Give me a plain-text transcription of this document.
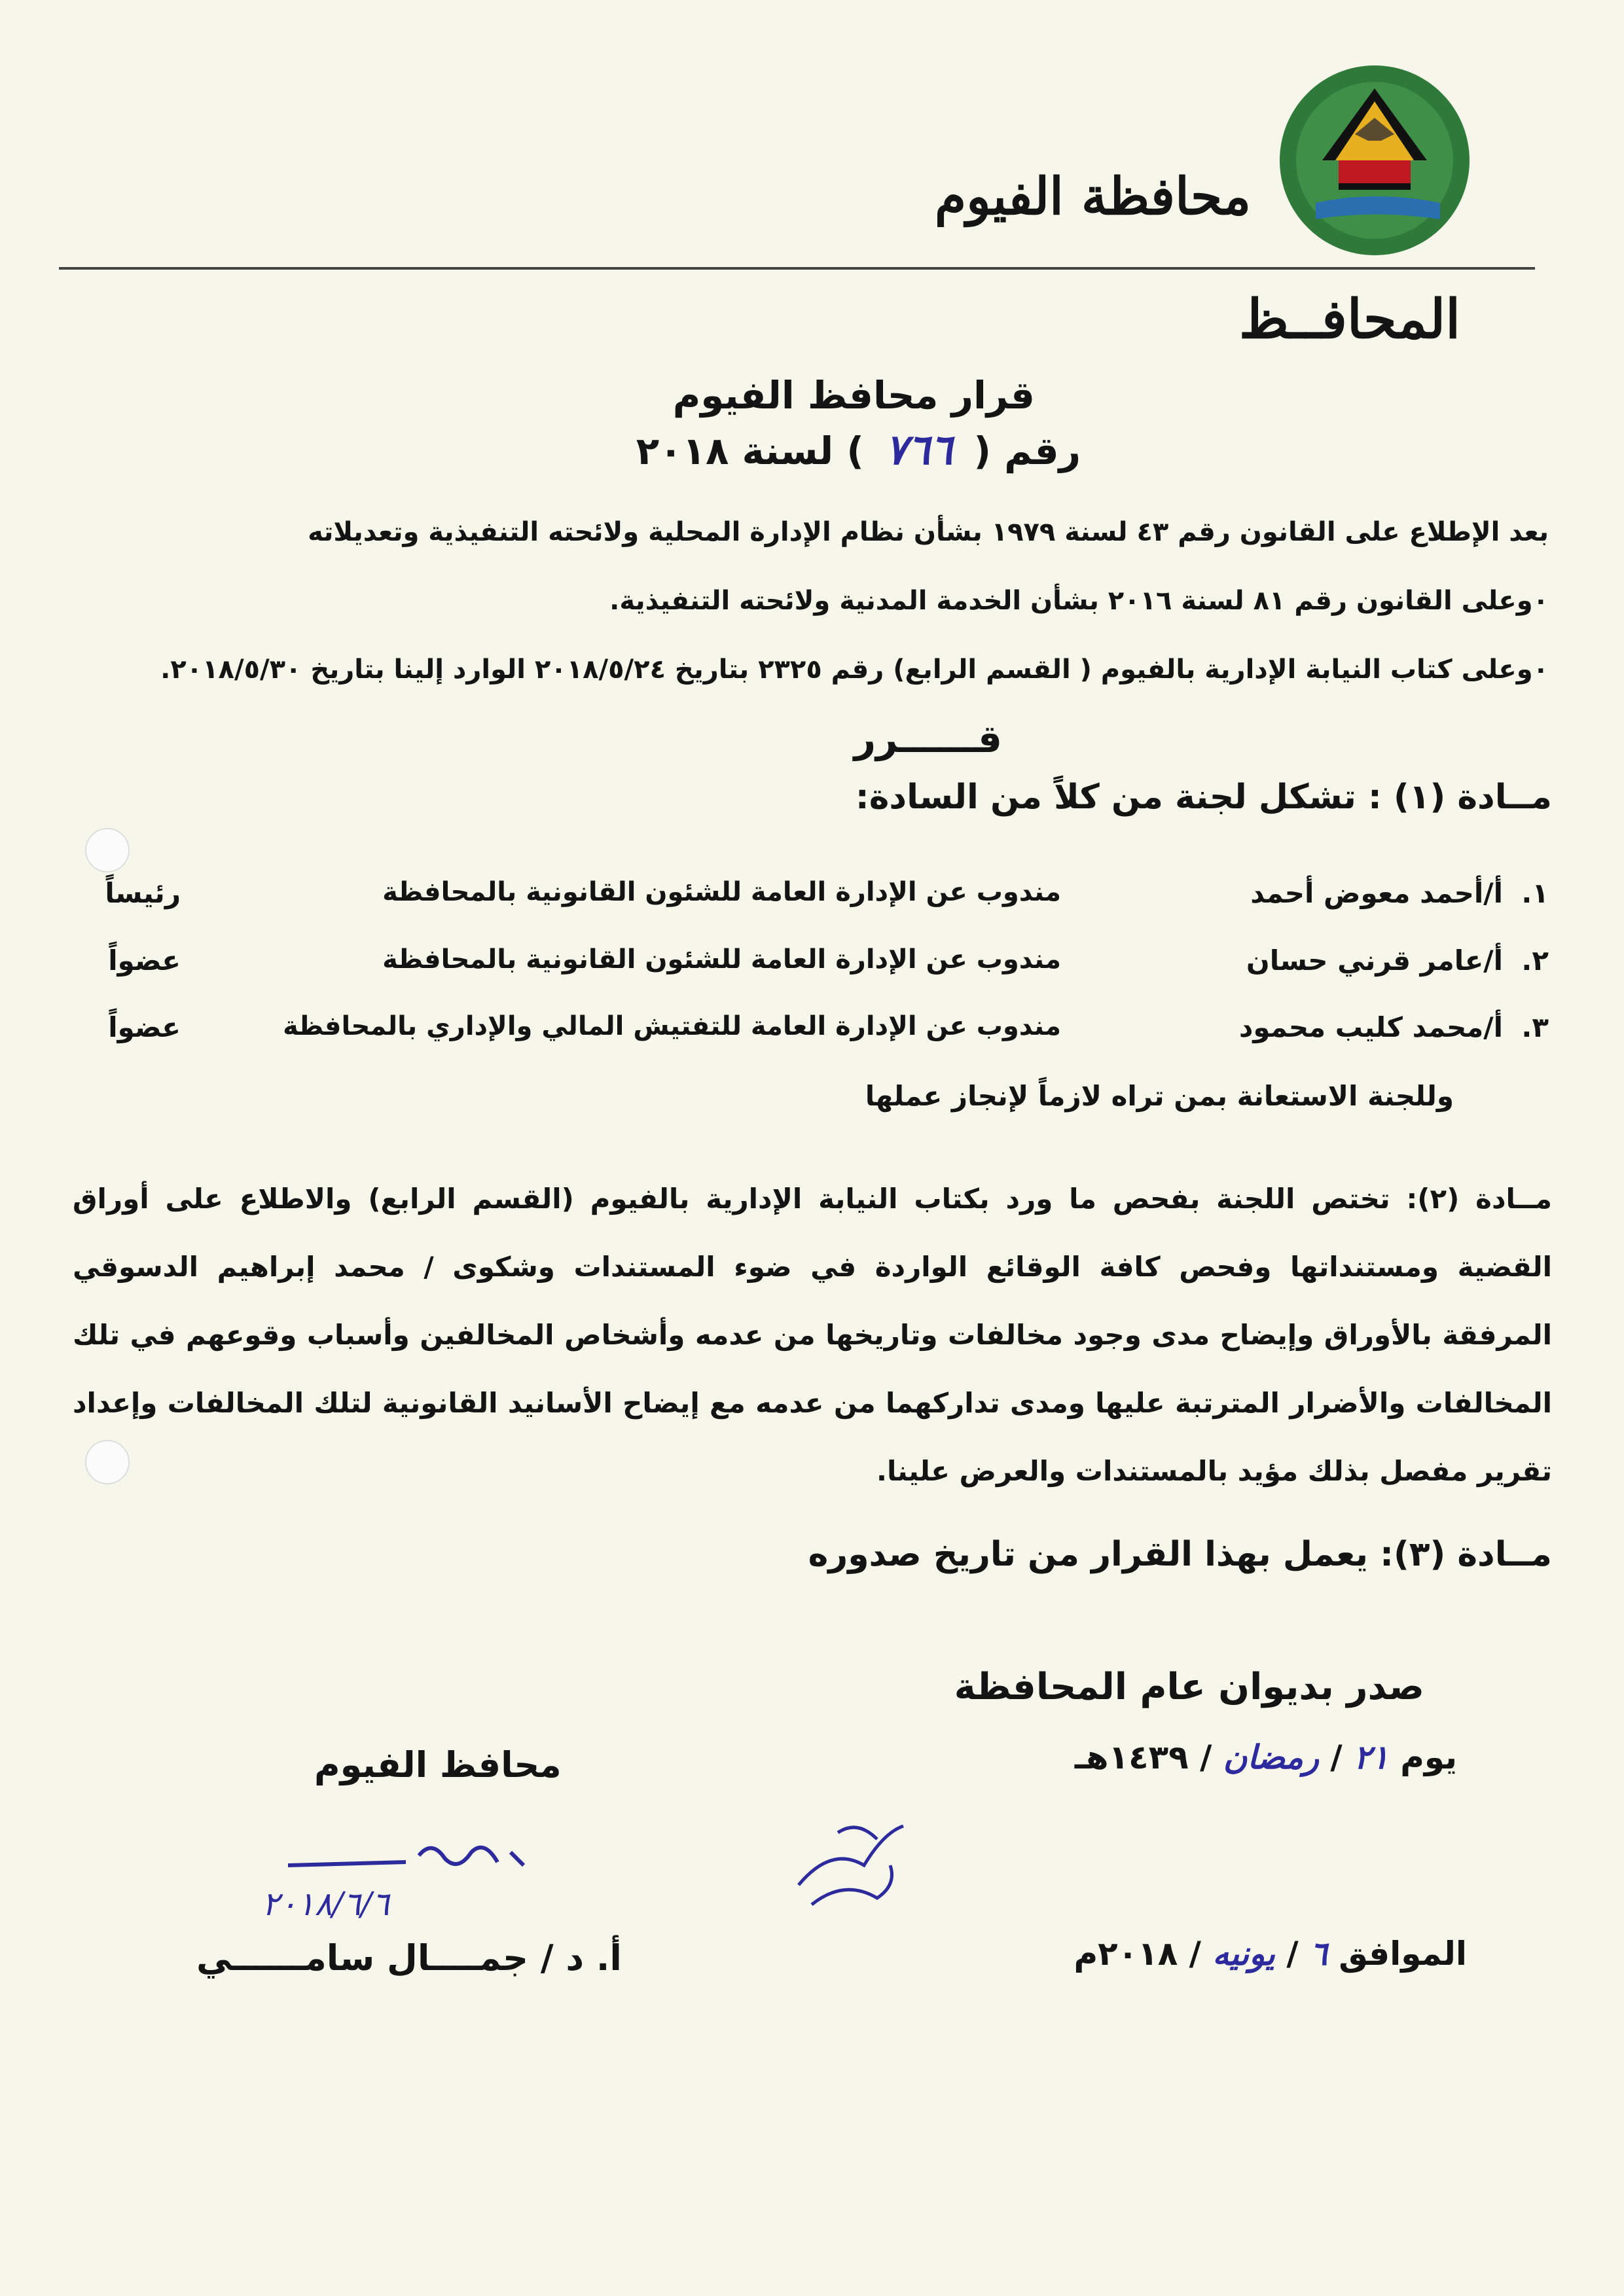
محافظة الفيوم
المحافــظ
قرار محافظ الفيوم
رقم ( ٧٦٦ ) لسنة ٢٠١٨
بعد الإطلاع على القانون رقم ٤٣ لسنة ١٩٧٩ بشأن نظام الإدارة المحلية ولائحته التنفيذية وتعديلاته
٠وعلى القانون رقم ٨١ لسنة ٢٠١٦ بشأن الخدمة المدنية ولائحته التنفيذية.
٠وعلى كتاب النيابة الإدارية بالفيوم ( القسم الرابع) رقم ٢٣٢٥ بتاريخ ٢٠١٨/٥/٢٤ الوارد إلينا بتاريخ ٢٠١٨/٥/٣٠.
قــــــرر
مــادة (١) : تشكل لجنة من كلاً من السادة:
١.
أ/أحمد معوض أحمد
مندوب عن الإدارة العامة للشئون القانونية بالمحافظة
رئيساً
٢.
أ/عامر قرني حسان
مندوب عن الإدارة العامة للشئون القانونية بالمحافظة
عضواً
٣.
أ/محمد كليب محمود
مندوب عن الإدارة العامة للتفتيش المالي والإداري بالمحافظة
عضواً
وللجنة الاستعانة بمن تراه لازماً لإنجاز عملها
مــادة (٢): تختص اللجنة بفحص ما ورد بكتاب النيابة الإدارية بالفيوم (القسم الرابع) والاطلاع على أوراق القضية ومستنداتها وفحص كافة الوقائع الواردة في ضوء المستندات وشكوى / محمد إبراهيم الدسوقي المرفقة بالأوراق وإيضاح مدى وجود مخالفات وتاريخها من عدمه وأشخاص المخالفين وأسباب وقوعهم في تلك المخالفات والأضرار المترتبة عليها ومدى تداركهما من عدمه مع إيضاح الأسانيد القانونية لتلك المخالفات وإعداد تقرير مفصل بذلك مؤيد بالمستندات والعرض علينا.
مــادة (٣): يعمل بهذا القرار من تاريخ صدوره
صدر بديوان عام المحافظة
يوم ٢١ / رمضان / ١٤٣٩هـ
الموافق ٦ / يونيه / ٢٠١٨م
محافظ الفيوم
٢٠١٨/٦/٦
أ. د / جمــــال سامــــــي
